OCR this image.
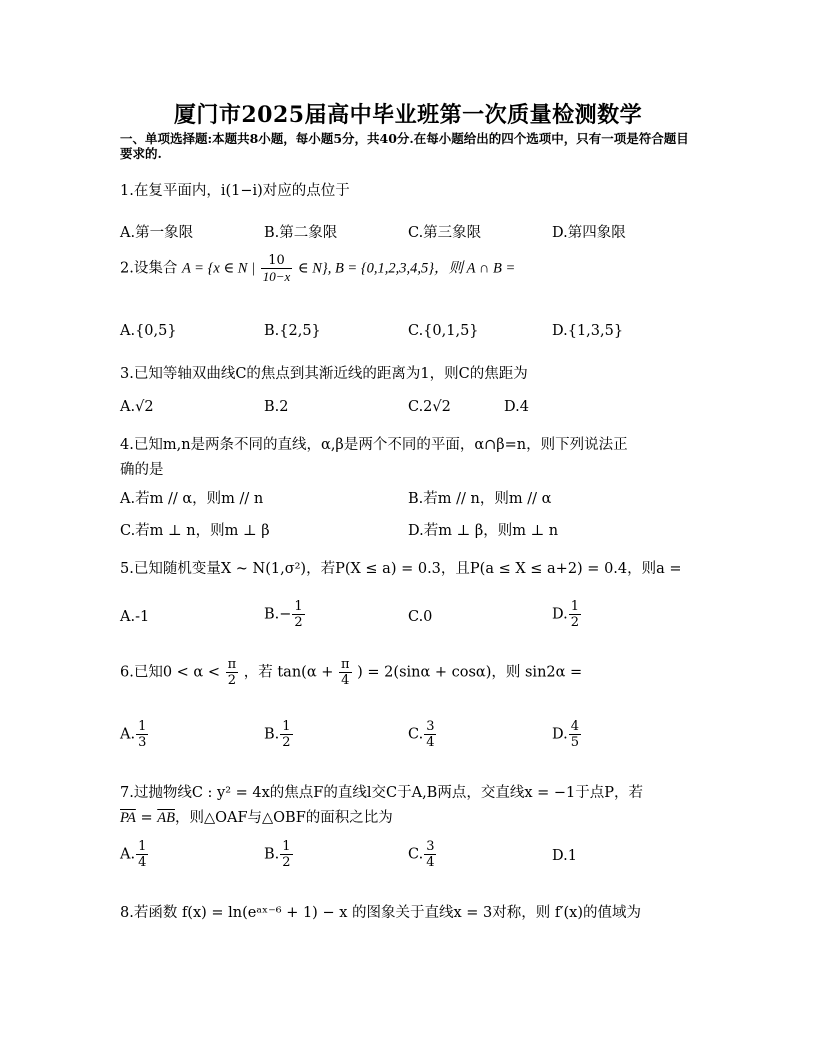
厦门市2025届高中毕业班第一次质量检测数学
一、单项选择题:本题共8小题，每小题5分，共40分.在每小题给出的四个选项中，只有一项是符合题目要求的.
1.在复平面内，i(1−i)对应的点位于
A.第一象限	B.第二象限	C.第三象限	D.第四象限
2.设集合 A = {x ∈ N | $\frac{10}{10-x}$ ∈ N}, B = {0,1,2,3,4,5}，则 A ∩ B =
A.{0,5}	B.{2,5}	C.{0,1,5}	D.{1,3,5}
3.已知等轴双曲线C的焦点到其渐近线的距离为1，则C的焦距为
A.√2	B.2	C.2√2	D.4
4.已知m,n是两条不同的直线，α,β是两个不同的平面，α∩β=n，则下列说法正
确的是
A.若m // α，则m // n	B.若m // n，则m // α
C.若m ⊥ n，则m ⊥ β	D.若m ⊥ β，则m ⊥ n
5.已知随机变量X ~ N(1,σ²)，若P(X ≤ a) = 0.3，且P(a ≤ X ≤ a+2) = 0.4，则a =
A.-1	$B.- \frac{1}{2}$	C.0	D. $\frac{1}{2}$
6.已知$0 < \alpha < \frac{\pi}{2}$ ，若 $\tan(\alpha + \frac{\pi}{4}$ ) = 2(sinα + cosα)，则 sin2α =
A. $\frac{1}{3}$	B. $\frac{1}{2}$	C. $\frac{3}{4}$	D. $\frac{4}{5}$
7.过抛物线C : y² = 4x的焦点F的直线l交C于A,B两点，交直线x = −1于点P，若
$\overline{PA} = \overline{AB}$，则△OAF与△OBF的面积之比为
A. $\frac{1}{4}$	B. $\frac{1}{2}$	C. $\frac{3}{4}$	D.1
8.若函数 f(x) = ln(eᵃˣ⁻⁶ + 1) − x 的图象关于直线x = 3对称，则 f′(x)的值域为
